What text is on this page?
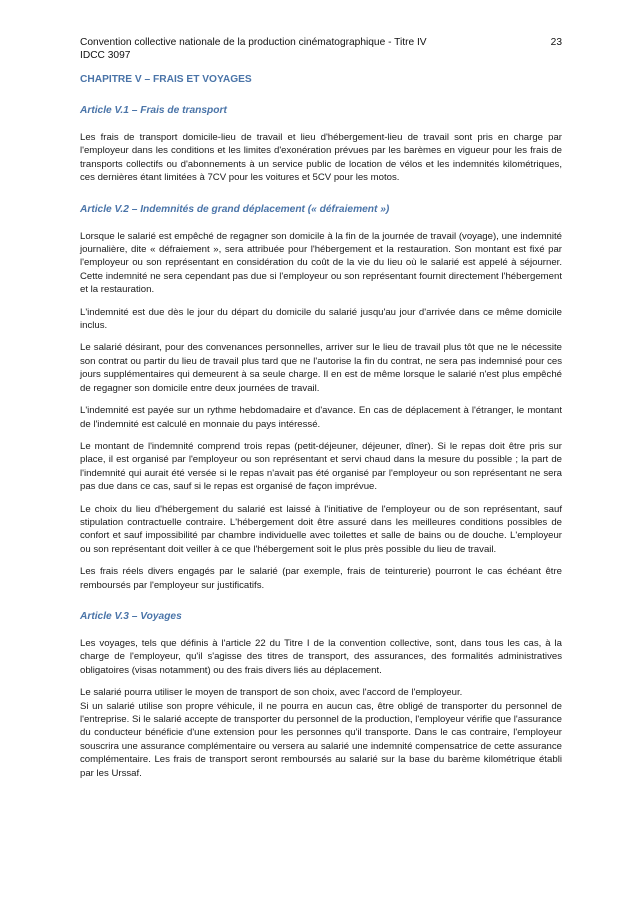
Convention collective nationale de la production cinématographique - Titre IV
IDCC 3097
23
CHAPITRE V – FRAIS ET VOYAGES
Article V.1 – Frais de transport

Les frais de transport domicile-lieu de travail et lieu d'hébergement-lieu de travail sont pris en charge par l'employeur dans les conditions et les limites d'exonération prévues par les barèmes en vigueur pour les frais de transports collectifs ou d'abonnements à un service public de location de vélos et les indemnités kilométriques, ces dernières étant limitées à 7CV pour les voitures et 5CV pour les motos.

Article V.2 – Indemnités de grand déplacement (« défraiement »)

Lorsque le salarié est empêché de regagner son domicile à la fin de la journée de travail (voyage), une indemnité journalière, dite « défraiement », sera attribuée pour l'hébergement et la restauration. Son montant est fixé par l'employeur ou son représentant en considération du coût de la vie du lieu où le salarié est appelé à séjourner. Cette indemnité ne sera cependant pas due si l'employeur ou son représentant fournit directement l'hébergement et la restauration.

L'indemnité est due dès le jour du départ du domicile du salarié jusqu'au jour d'arrivée dans ce même domicile inclus.

Le salarié désirant, pour des convenances personnelles, arriver sur le lieu de travail plus tôt que ne le nécessite son contrat ou partir du lieu de travail plus tard que ne l'autorise la fin du contrat, ne sera pas indemnisé pour ces jours supplémentaires qui demeurent à sa seule charge. Il en est de même lorsque le salarié n'est plus empêché de regagner son domicile entre deux journées de travail.

L'indemnité est payée sur un rythme hebdomadaire et d'avance. En cas de déplacement à l'étranger, le montant de l'indemnité est calculé en monnaie du pays intéressé.

Le montant de l'indemnité comprend trois repas (petit-déjeuner, déjeuner, dîner). Si le repas doit être pris sur place, il est organisé par l'employeur ou son représentant et servi chaud dans la mesure du possible ; la part de l'indemnité qui aurait été versée si le repas n'avait pas été organisé par l'employeur ou son représentant ne sera pas due dans ce cas, sauf si le repas est organisé de façon imprévue.

Le choix du lieu d'hébergement du salarié est laissé à l'initiative de l'employeur ou de son représentant, sauf stipulation contractuelle contraire. L'hébergement doit être assuré dans les meilleures conditions possibles de confort et sauf impossibilité par chambre individuelle avec toilettes et salle de bains ou de douche. L'employeur ou son représentant doit veiller à ce que l'hébergement soit le plus près possible du lieu de travail.

Les frais réels divers engagés par le salarié (par exemple, frais de teinturerie) pourront le cas échéant être remboursés par l'employeur sur justificatifs.

Article V.3 – Voyages

Les voyages, tels que définis à l'article 22 du Titre I de la convention collective, sont, dans tous les cas, à la charge de l'employeur, qu'il s'agisse des titres de transport, des assurances, des formalités administratives obligatoires (visas notamment) ou des frais divers liés au déplacement.

Le salarié pourra utiliser le moyen de transport de son choix, avec l'accord de l'employeur.
Si un salarié utilise son propre véhicule, il ne pourra en aucun cas, être obligé de transporter du personnel de l'entreprise. Si le salarié accepte de transporter du personnel de la production, l'employeur vérifie que l'assurance du conducteur bénéficie d'une extension pour les personnes qu'il transporte. Dans le cas contraire, l'employeur souscrira une assurance complémentaire ou versera au salarié une indemnité compensatrice de cette assurance complémentaire. Les frais de transport seront remboursés au salarié sur la base du barème kilométrique établi par les Urssaf.
